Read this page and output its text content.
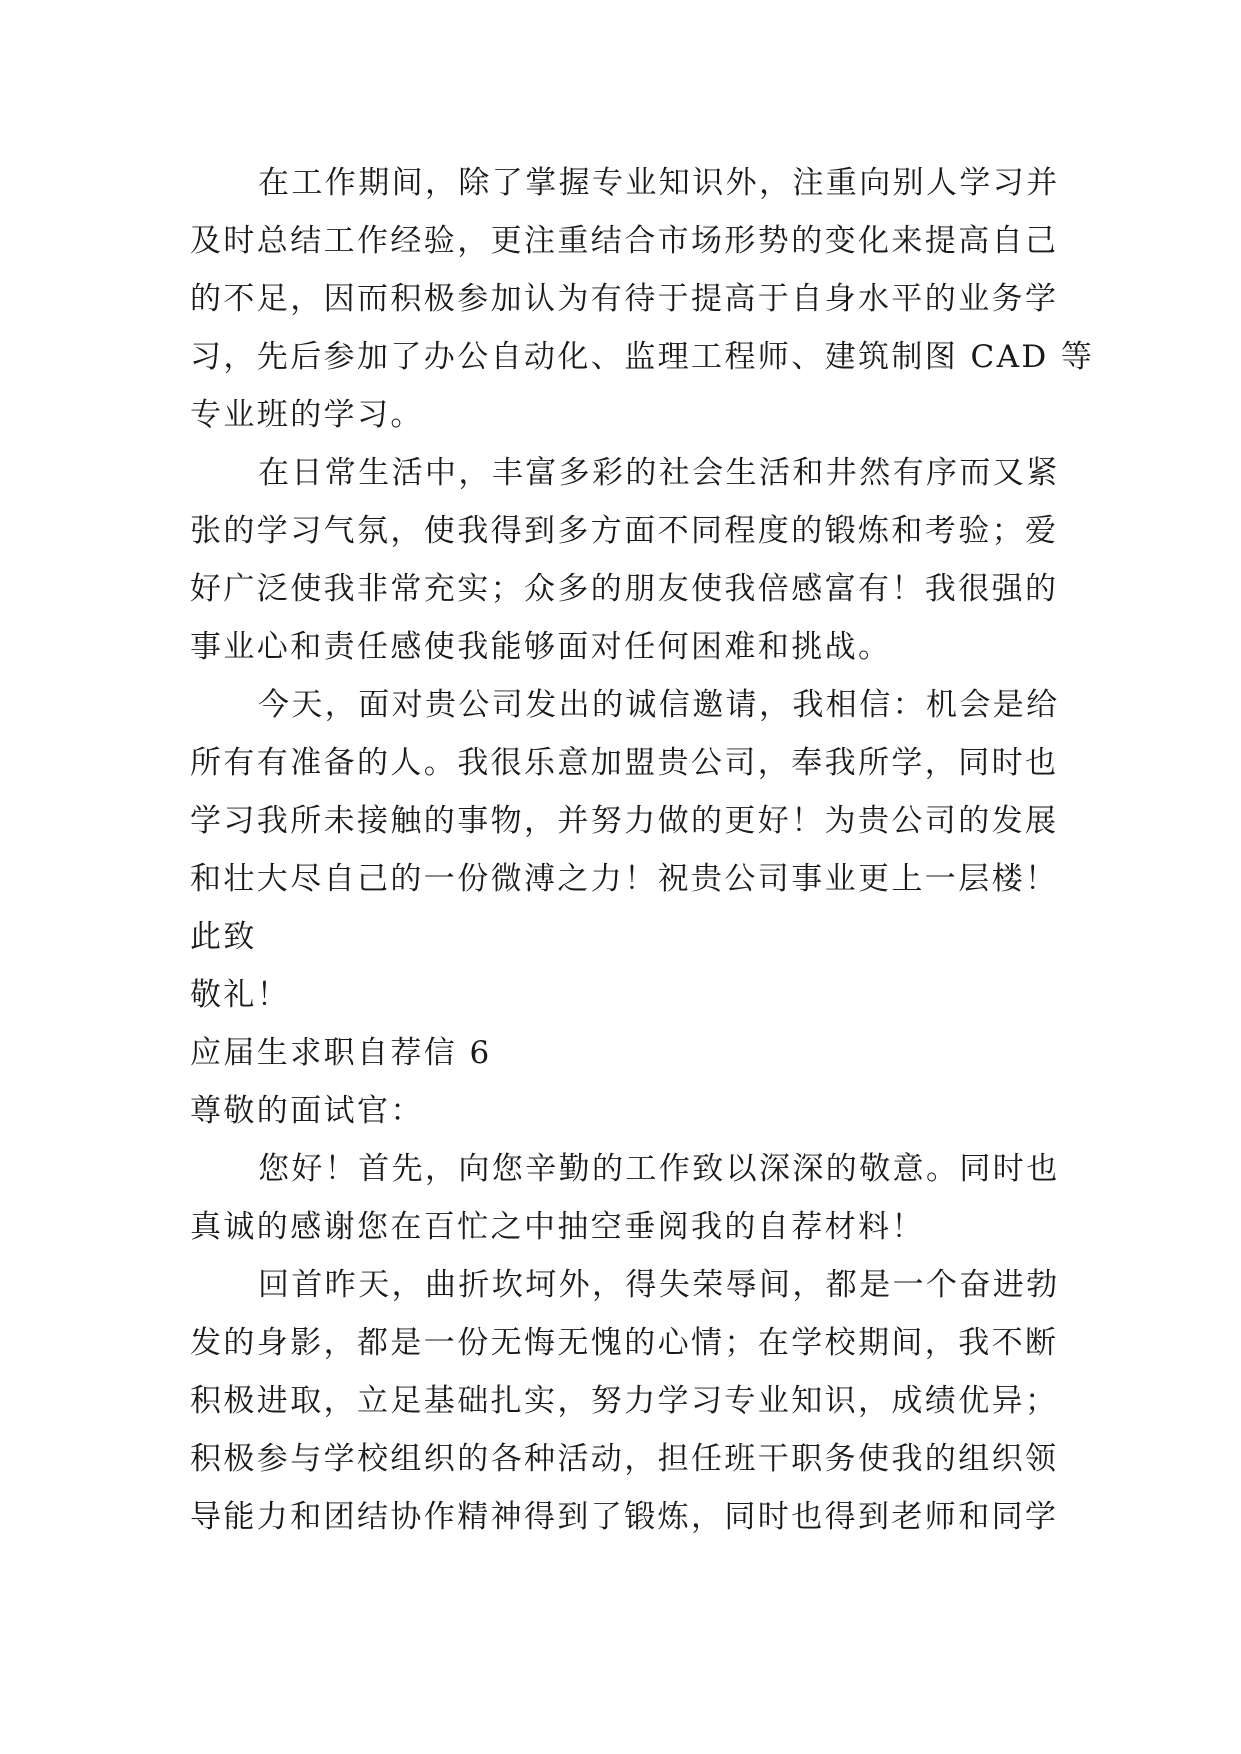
在工作期间，除了掌握专业知识外，注重向别人学习并
及时总结工作经验，更注重结合市场形势的变化来提高自己
的不足，因而积极参加认为有待于提高于自身水平的业务学
习，先后参加了办公自动化、监理工程师、建筑制图 CAD 等
专业班的学习。
在日常生活中，丰富多彩的社会生活和井然有序而又紧
张的学习气氛，使我得到多方面不同程度的锻炼和考验；爱
好广泛使我非常充实；众多的朋友使我倍感富有！我很强的
事业心和责任感使我能够面对任何困难和挑战。
今天，面对贵公司发出的诚信邀请，我相信：机会是给
所有有准备的人。我很乐意加盟贵公司，奉我所学，同时也
学习我所未接触的事物，并努力做的更好！为贵公司的发展
和壮大尽自己的一份微溥之力！祝贵公司事业更上一层楼！
此致
敬礼！
应届生求职自荐信 6
尊敬的面试官：
您好！首先，向您辛勤的工作致以深深的敬意。同时也
真诚的感谢您在百忙之中抽空垂阅我的自荐材料！
回首昨天，曲折坎坷外，得失荣辱间，都是一个奋进勃
发的身影，都是一份无悔无愧的心情；在学校期间，我不断
积极进取，立足基础扎实，努力学习专业知识，成绩优异；
积极参与学校组织的各种活动，担任班干职务使我的组织领
导能力和团结协作精神得到了锻炼，同时也得到老师和同学
